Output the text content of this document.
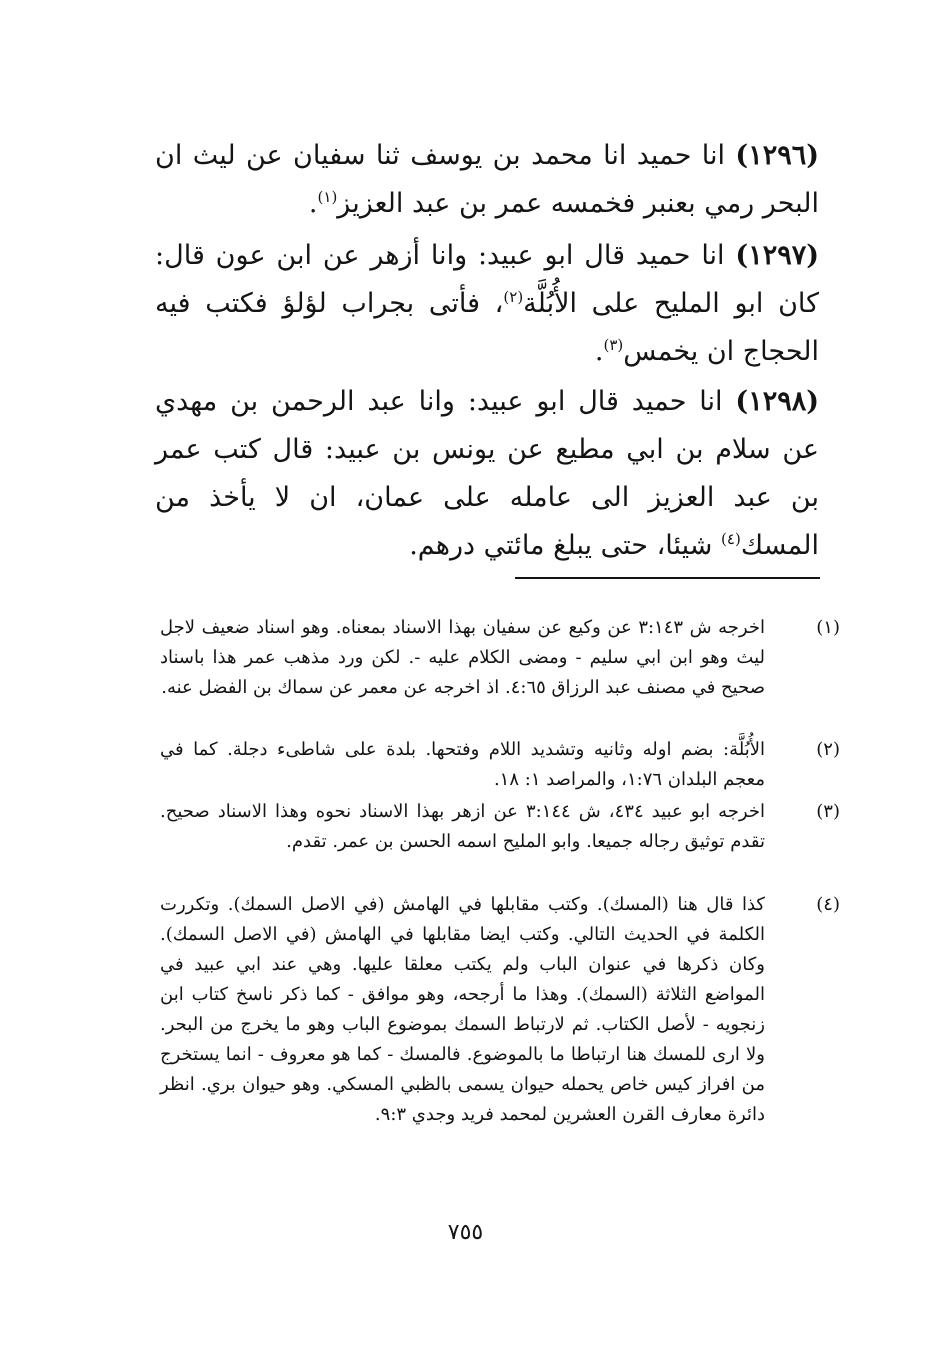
(١٢٩٦) انا حميد انا محمد بن يوسف ثنا سفيان عن ليث ان البحر رمي بعنبر فخمسه عمر بن عبد العزيز$^{(١)}$.

(١٢٩٧) انا حميد قال ابو عبيد: وانا أزهر عن ابن عون قال: كان ابو المليح على الأُبُلَّة$^{(٢)}$، فأتى بجراب لؤلؤ فكتب فيه الحجاج ان يخمس$^{(٣)}$.

(١٢٩٨) انا حميد قال ابو عبيد: وانا عبد الرحمن بن مهدي عن سلام بن ابي مطيع عن يونس بن عبيد: قال كتب عمر بن عبد العزيز الى عامله على عمان، ان لا يأخذ من المسك$^{(٤)}$ شيئا، حتى يبلغ مائتي درهم.

(١)
اخرجه ش ٣:١٤٣ عن وكيع عن سفيان بهذا الاسناد بمعناه. وهو اسناد ضعيف لاجل ليث وهو ابن ابي سليم - ومضى الكلام عليه -. لكن ورد مذهب عمر هذا باسناد صحيح في مصنف عبد الرزاق ٤:٦٥. اذ اخرجه عن معمر عن سماك بن الفضل عنه.
(٢)
الأُبُلَّة: بضم اوله وثانيه وتشديد اللام وفتحها. بلدة على شاطىء دجلة. كما في معجم البلدان ١:٧٦، والمراصد ١: ١٨.
(٣)
اخرجه ابو عبيد ٤٣٤، ش ٣:١٤٤ عن ازهر بهذا الاسناد نحوه وهذا الاسناد صحيح. تقدم توثيق رجاله جميعا. وابو المليح اسمه الحسن بن عمر. تقدم.
(٤)
كذا قال هنا (المسك). وكتب مقابلها في الهامش (في الاصل السمك). وتكررت الكلمة في الحديث التالي. وكتب ايضا مقابلها في الهامش (في الاصل السمك). وكان ذكرها في عنوان الباب ولم يكتب معلقا عليها. وهي عند ابي عبيد في المواضع الثلاثة (السمك). وهذا ما أرجحه، وهو موافق - كما ذكر ناسخ كتاب ابن زنجويه - لأصل الكتاب. ثم لارتباط السمك بموضوع الباب وهو ما يخرج من البحر. ولا ارى للمسك هنا ارتباطا ما بالموضوع. فالمسك - كما هو معروف - انما يستخرج من افراز كيس خاص يحمله حيوان يسمى بالظبي المسكي. وهو حيوان بري. انظر دائرة معارف القرن العشرين لمحمد فريد وجدي ٩:٣.
٧٥٥
